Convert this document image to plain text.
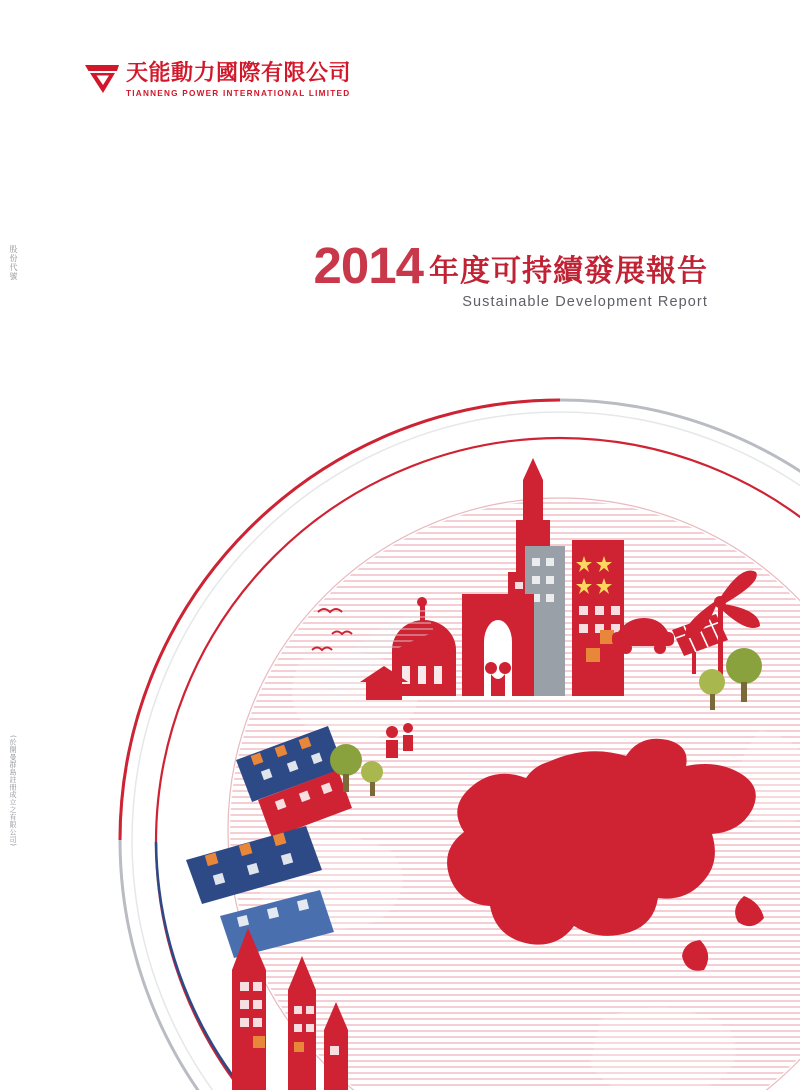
天能動力國際有限公司
TIANNENG POWER INTERNATIONAL LIMITED
2014 年度可持續發展報告
Sustainable Development Report
股份代號
(於開曼群島註冊成立之有限公司)
